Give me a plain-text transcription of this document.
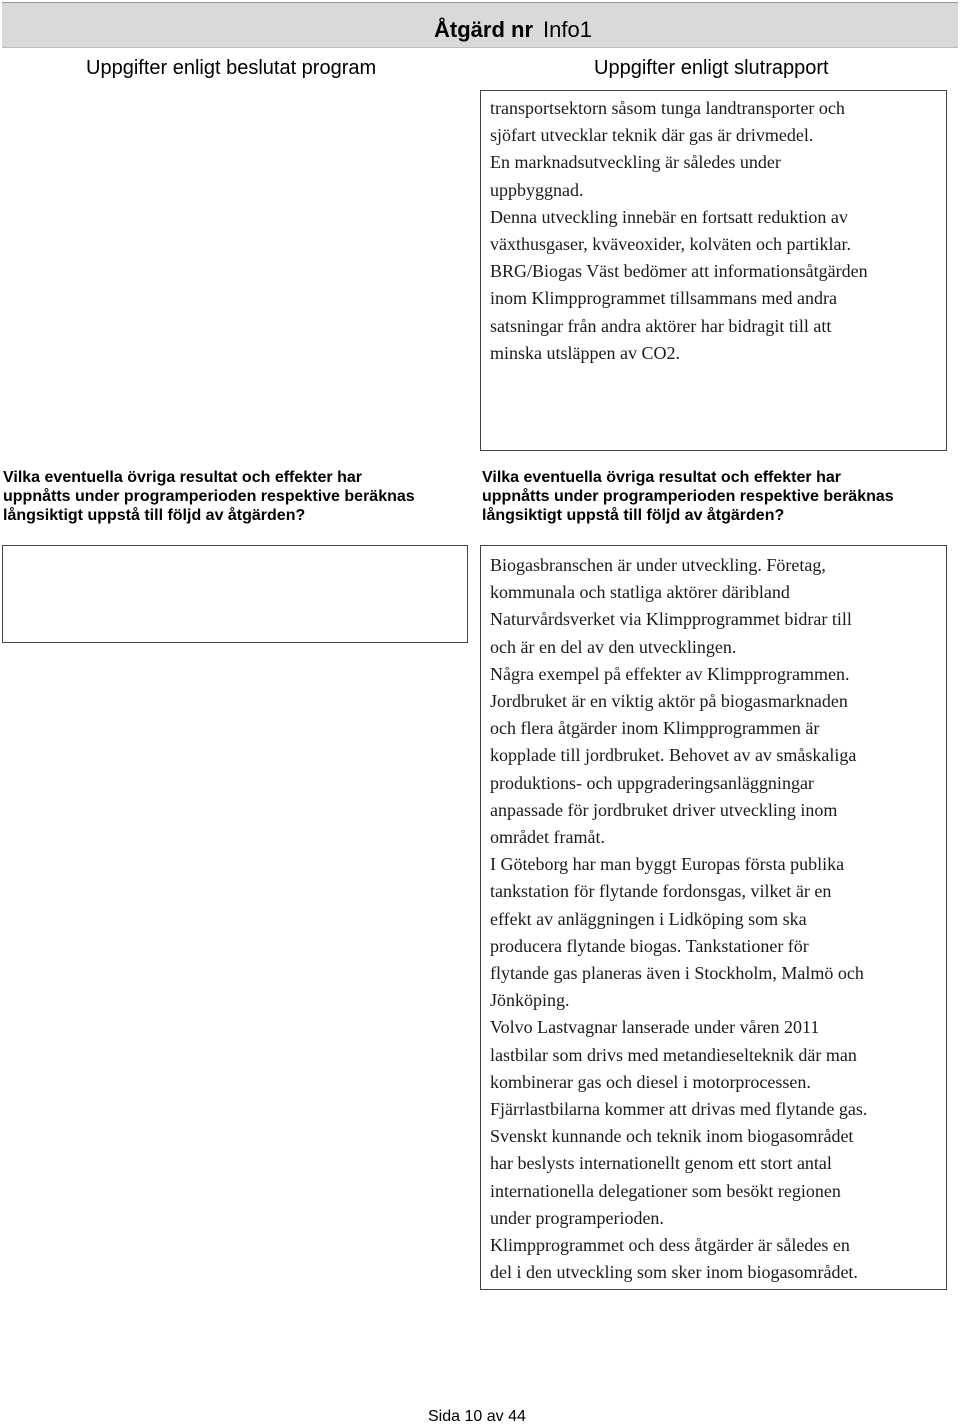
Åtgärd nr Info1
Uppgifter enligt beslutat program	Uppgifter enligt slutrapport
transportsektorn såsom tunga landtransporter och
sjöfart utvecklar teknik där gas är drivmedel.
En marknadsutveckling är således under
uppbyggnad.
Denna utveckling innebär en fortsatt reduktion av
växthusgaser, kväveoxider, kolväten och partiklar.
BRG/Biogas Väst bedömer att informationsåtgärden
inom Klimpprogrammet tillsammans med andra
satsningar från andra aktörer har bidragit till att
minska utsläppen av CO2.
Vilka eventuella övriga resultat och effekter har
uppnåtts under programperioden respektive beräknas
långsiktigt uppstå till följd av åtgärden?
Vilka eventuella övriga resultat och effekter har
uppnåtts under programperioden respektive beräknas
långsiktigt uppstå till följd av åtgärden?
Biogasbranschen är under utveckling. Företag,
kommunala och statliga aktörer däribland
Naturvårdsverket via Klimpprogrammet bidrar till
och är en del av den utvecklingen.
Några exempel på effekter av Klimpprogrammen.
Jordbruket är en viktig aktör på biogasmarknaden
och flera åtgärder inom Klimpprogrammen är
kopplade till jordbruket. Behovet av av småskaliga
produktions- och uppgraderingsanläggningar
anpassade för jordbruket driver utveckling inom
området framåt.
I Göteborg har man byggt Europas första publika
tankstation för flytande fordonsgas, vilket är en
effekt av anläggningen i Lidköping som ska
producera flytande biogas. Tankstationer för
flytande gas planeras även i Stockholm, Malmö och
Jönköping.
Volvo Lastvagnar lanserade under våren 2011
lastbilar som drivs med metandieselteknik där man
kombinerar gas och diesel i motorprocessen.
Fjärrlastbilarna kommer att drivas med flytande gas.
Svenskt kunnande och teknik inom biogasområdet
har beslysts internationellt genom ett stort antal
internationella delegationer som besökt regionen
under programperioden.
Klimpprogrammet och dess åtgärder är således en
del i den utveckling som sker inom biogasområdet.
Sida 10 av 44
